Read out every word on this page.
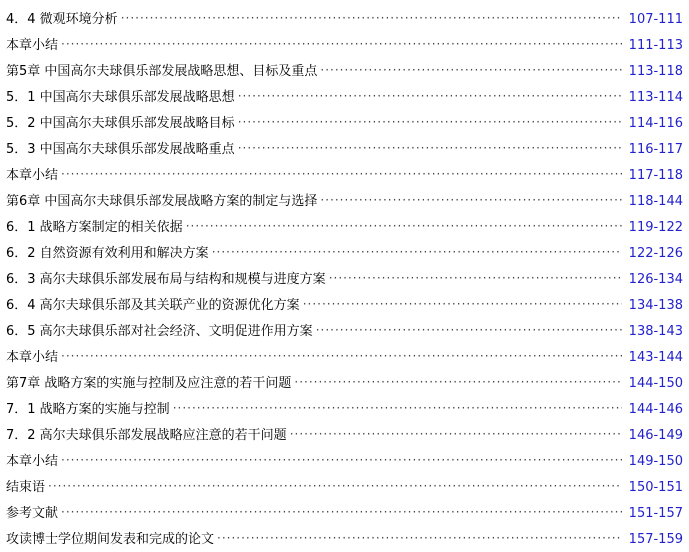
4．4 微观环境分析 ·····	107-111
本章小结 ·····	111-113
第5章 中国高尔夫球俱乐部发展战略思想、目标及重点 ·····	113-118
5．1 中国高尔夫球俱乐部发展战略思想 ·····	113-114
5．2 中国高尔夫球俱乐部发展战略目标 ·····	114-116
5．3 中国高尔夫球俱乐部发展战略重点 ·····	116-117
本章小结 ·····	117-118
第6章 中国高尔夫球俱乐部发展战略方案的制定与选择 ·····	118-144
6．1 战略方案制定的相关依据 ·····	119-122
6．2 自然资源有效利用和解决方案 ·····	122-126
6．3 高尔夫球俱乐部发展布局与结构和规模与进度方案 ·····	126-134
6．4 高尔夫球俱乐部及其关联产业的资源优化方案 ·····	134-138
6．5 高尔夫球俱乐部对社会经济、文明促进作用方案 ·····	138-143
本章小结 ·····	143-144
第7章 战略方案的实施与控制及应注意的若干问题 ·····	144-150
7．1 战略方案的实施与控制 ·····	144-146
7．2 高尔夫球俱乐部发展战略应注意的若干问题 ·····	146-149
本章小结 ·····	149-150
结束语 ·····	150-151
参考文献 ·····	151-157
攻读博士学位期间发表和完成的论文 ·····	157-159
